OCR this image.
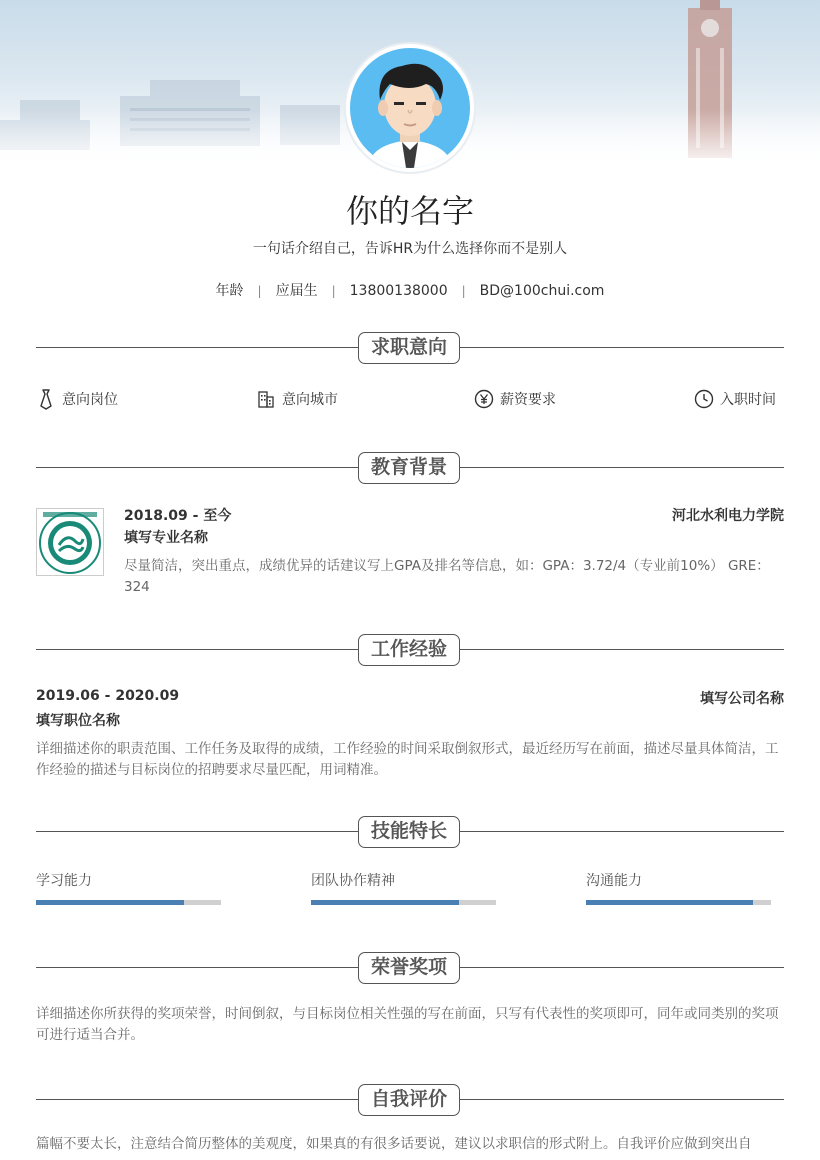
你的名字
一句话介绍自己，告诉HR为什么选择你而不是别人
年龄 | 应届生 | 13800138000 | BD@100chui.com
求职意向
意向岗位	意向城市	薪资要求	入职时间
教育背景
2018.09 - 至今	河北水利电力学院
填写专业名称
尽量简洁，突出重点，成绩优异的话建议写上GPA及排名等信息，如：GPA：3.72/4（专业前10%） GRE：324
工作经验
2019.06 - 2020.09	填写公司名称
填写职位名称
详细描述你的职责范围、工作任务及取得的成绩，工作经验的时间采取倒叙形式，最近经历写在前面，描述尽量具体简洁，工作经验的描述与目标岗位的招聘要求尽量匹配，用词精准。
技能特长
学习能力	团队协作精神	沟通能力
荣誉奖项
详细描述你所获得的奖项荣誉，时间倒叙，与目标岗位相关性强的写在前面，只写有代表性的奖项即可，同年或同类别的奖项可进行适当合并。
自我评价
篇幅不要太长，注意结合简历整体的美观度，如果真的有很多话要说，建议以求职信的形式附上。自我评价应做到突出自
